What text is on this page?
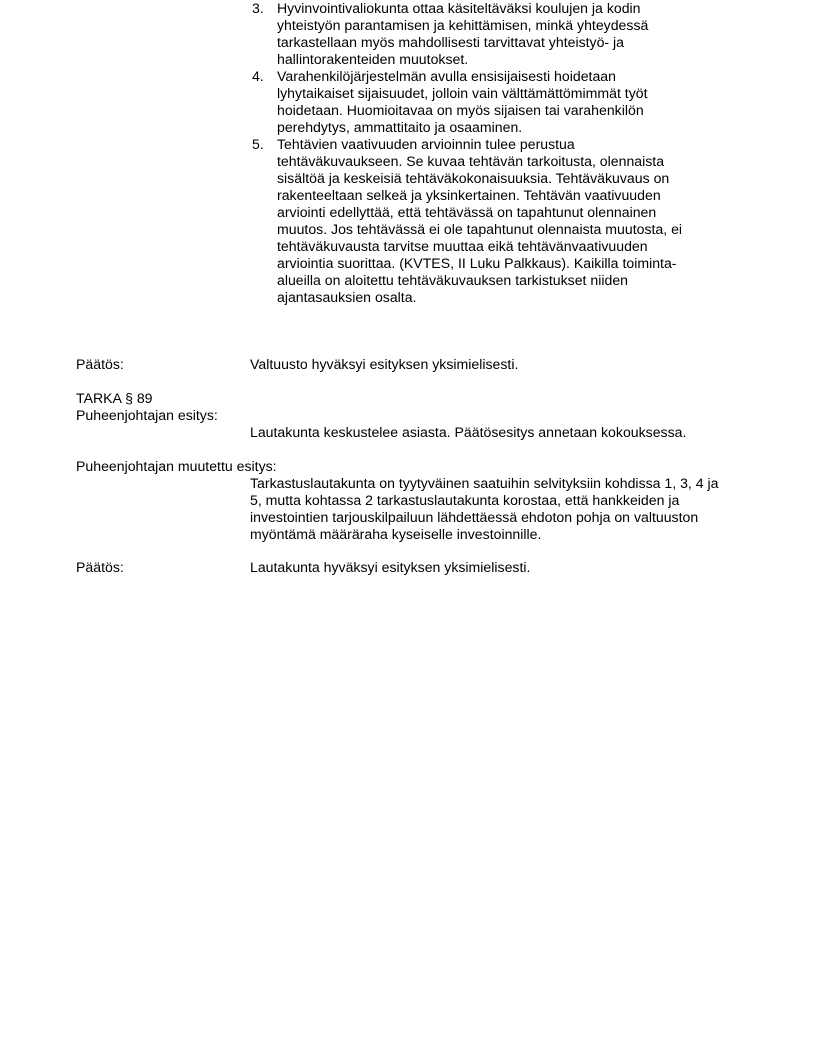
3. Hyvinvointivaliokunta ottaa käsiteltäväksi koulujen ja kodin yhteistyön parantamisen ja kehittämisen, minkä yhteydessä tarkastellaan myös mahdollisesti tarvittavat yhteistyö- ja hallintorakenteiden muutokset.
4. Varahenkilöjärjestelmän avulla ensisijaisesti hoidetaan lyhytaikaiset sijaisuudet, jolloin vain välttämättömimmät työt hoidetaan. Huomioitavaa on myös sijaisen tai varahenkilön perehdytys, ammattitaito ja osaaminen.
5. Tehtävien vaativuuden arvioinnin tulee perustua tehtäväkuvaukseen. Se kuvaa tehtävän tarkoitusta, olennaista sisältöä ja keskeisiä tehtäväkokonaisuuksia. Tehtäväkuvaus on rakenteeltaan selkeä ja yksinkertainen. Tehtävän vaativuuden arviointi edellyttää, että tehtävässä on tapahtunut olennainen muutos. Jos tehtävässä ei ole tapahtunut olennaista muutosta, ei tehtäväkuvausta tarvitse muuttaa eikä tehtävänvaativuuden arviointia suorittaa. (KVTES, II Luku Palkkaus). Kaikilla toiminta-alueilla on aloitettu tehtäväkuvauksen tarkistukset niiden ajantasauksien osalta.
Päätös:	Valtuusto hyväksyi esityksen yksimielisesti.
TARKA § 89
Puheenjohtajan esitys:
Lautakunta keskustelee asiasta. Päätösesitys annetaan kokouksessa.
Puheenjohtajan muutettu esitys:
Tarkastuslautakunta on tyytyväinen saatuihin selvityksiin kohdissa 1, 3, 4 ja 5, mutta kohtassa 2 tarkastuslautakunta korostaa, että hankkeiden ja investointien tarjouskilpailuun lähdettäessä ehdoton pohja on valtuuston myöntämä määräraha kyseiselle investoinnille.
Päätös:	Lautakunta hyväksyi esityksen yksimielisesti.
